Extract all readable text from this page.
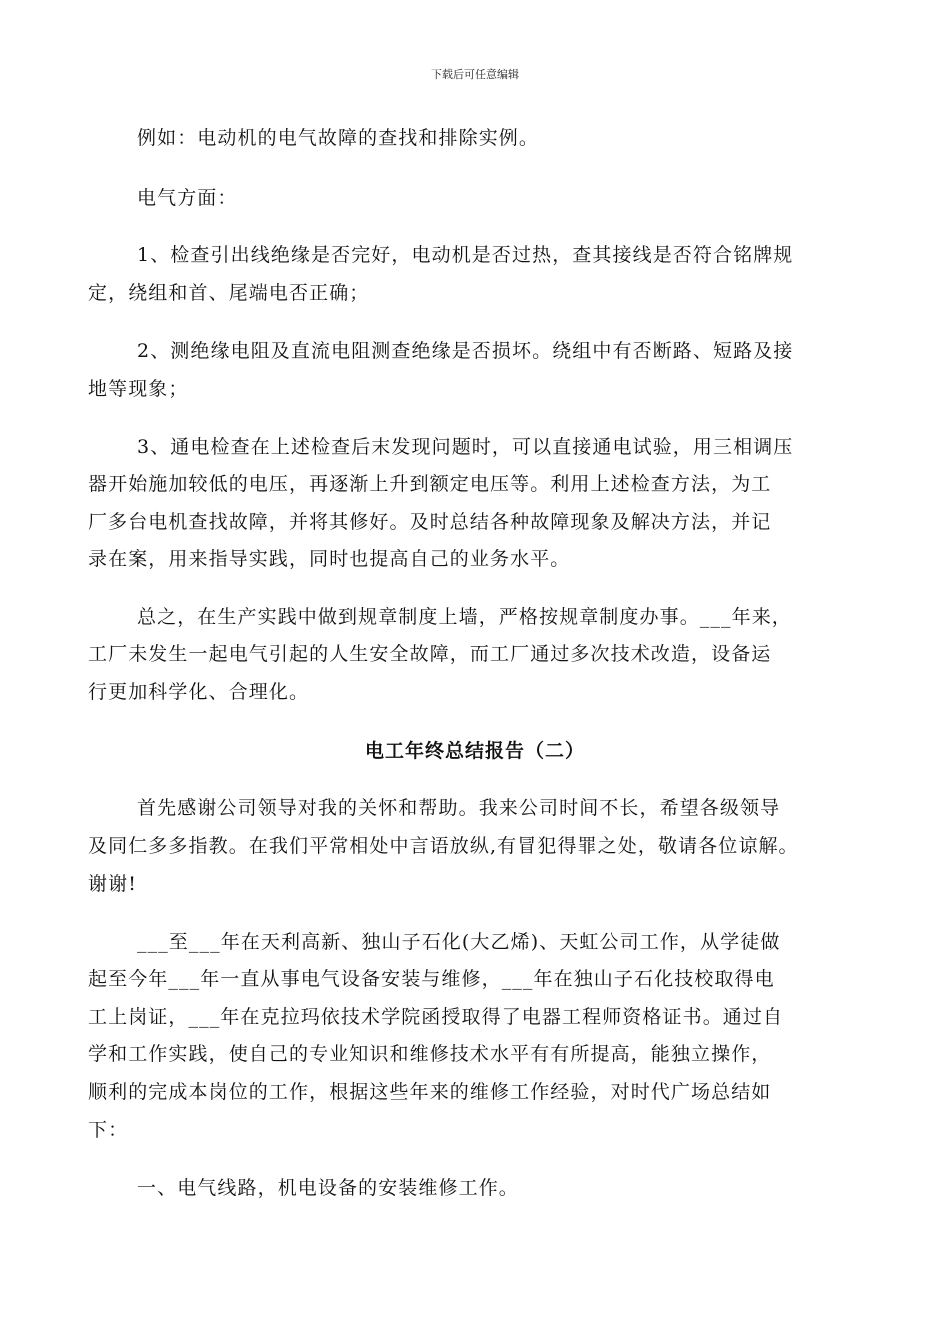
下载后可任意编辑
例如：电动机的电气故障的查找和排除实例。
电气方面：
1、检查引出线绝缘是否完好，电动机是否过热，查其接线是否符合铭牌规
定，绕组和首、尾端电否正确；
2、测绝缘电阻及直流电阻测查绝缘是否损坏。绕组中有否断路、短路及接
地等现象；
3、通电检查在上述检查后末发现问题时，可以直接通电试验，用三相调压
器开始施加较低的电压，再逐渐上升到额定电压等。利用上述检查方法，为工
厂多台电机查找故障，并将其修好。及时总结各种故障现象及解决方法，并记
录在案，用来指导实践，同时也提高自己的业务水平。
总之，在生产实践中做到规章制度上墙，严格按规章制度办事。___年来，
工厂未发生一起电气引起的人生安全故障，而工厂通过多次技术改造，设备运
行更加科学化、合理化。
电工年终总结报告（二）
首先感谢公司领导对我的关怀和帮助。我来公司时间不长，希望各级领导
及同仁多多指教。在我们平常相处中言语放纵,有冒犯得罪之处，敬请各位谅解。
谢谢!
___至___年在天利高新、独山子石化(大乙烯)、天虹公司工作，从学徒做
起至今年___年一直从事电气设备安装与维修，___年在独山子石化技校取得电
工上岗证，___年在克拉玛依技术学院函授取得了电器工程师资格证书。通过自
学和工作实践，使自己的专业知识和维修技术水平有有所提高，能独立操作，
顺利的完成本岗位的工作，根据这些年来的维修工作经验，对时代广场总结如
下：
一、电气线路，机电设备的安装维修工作。
